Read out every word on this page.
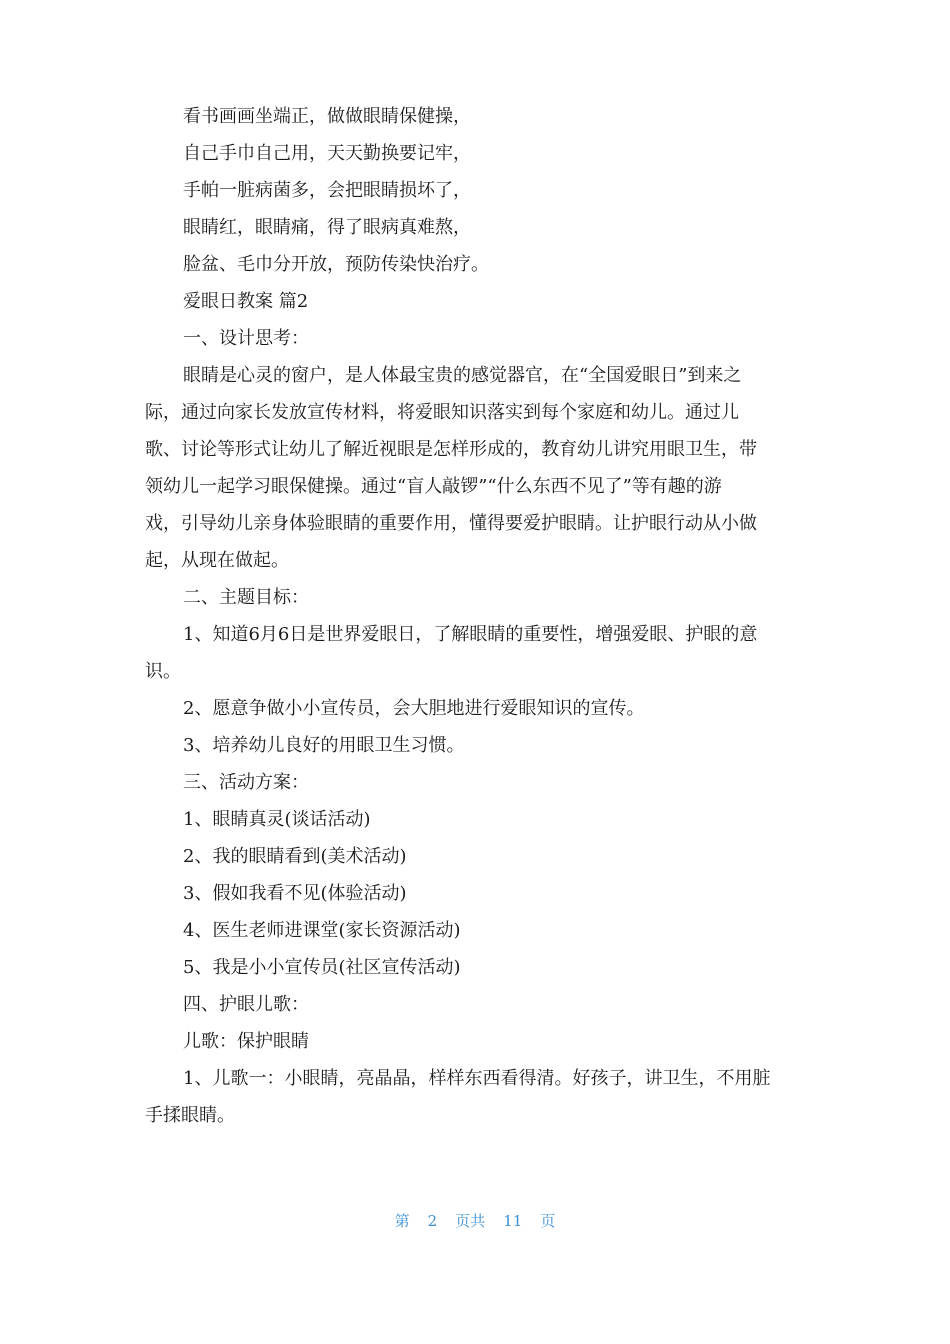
看书画画坐端正，做做眼睛保健操，

自己手巾自己用，天天勤换要记牢，

手帕一脏病菌多，会把眼睛损坏了，

眼睛红，眼睛痛，得了眼病真难熬，

脸盆、毛巾分开放，预防传染快治疗。

爱眼日教案 篇2

一、设计思考：

眼睛是心灵的窗户，是人体最宝贵的感觉器官，在“全国爱眼日”到来之

际，通过向家长发放宣传材料，将爱眼知识落实到每个家庭和幼儿。通过儿

歌、讨论等形式让幼儿了解近视眼是怎样形成的，教育幼儿讲究用眼卫生，带

领幼儿一起学习眼保健操。通过“盲人敲锣”“什么东西不见了”等有趣的游

戏，引导幼儿亲身体验眼睛的重要作用，懂得要爱护眼睛。让护眼行动从小做

起，从现在做起。

二、主题目标：

1、知道6月6日是世界爱眼日，了解眼睛的重要性，增强爱眼、护眼的意

识。

2、愿意争做小小宣传员，会大胆地进行爱眼知识的宣传。

3、培养幼儿良好的用眼卫生习惯。

三、活动方案：

1、眼睛真灵(谈话活动)

2、我的眼睛看到(美术活动)

3、假如我看不见(体验活动)

4、医生老师进课堂(家长资源活动)

5、我是小小宣传员(社区宣传活动)

四、护眼儿歌：

儿歌：保护眼睛

1、儿歌一：小眼睛，亮晶晶，样样东西看得清。好孩子，讲卫生，不用脏

手揉眼睛。

第 2 页共 11 页
